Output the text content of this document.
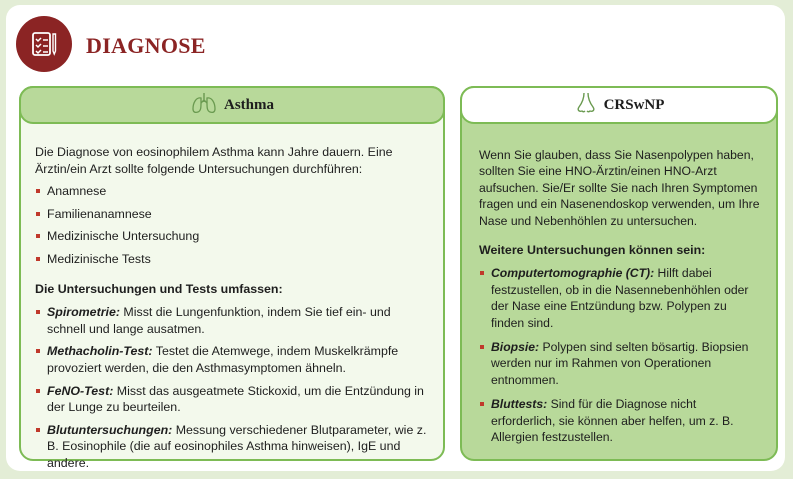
DIAGNOSE
Asthma

Die Diagnose von eosinophilem Asthma kann Jahre dauern. Eine Ärztin/ein Arzt sollte folgende Untersuchungen durchführen:

Anamnese
Familienanamnese
Medizinische Untersuchung
Medizinische Tests
Die Untersuchungen und Tests umfassen:
Spirometrie: Misst die Lungenfunktion, indem Sie tief ein- und schnell und lange ausatmen.
Methacholin-Test: Testet die Atemwege, indem Muskelkrämpfe provoziert werden, die den Asthmasymptomen ähneln.
FeNO-Test: Misst das ausgeatmete Stickoxid, um die Entzündung in der Lunge zu beurteilen.
Blutuntersuchungen: Messung verschiedener Blutparameter, wie z. B. Eosinophile (die auf eosinophiles Asthma hinweisen), IgE und andere.
CRSwNP

Wenn Sie glauben, dass Sie Nasenpolypen haben, sollten Sie eine HNO-Ärztin/einen HNO-Arzt aufsuchen. Sie/Er sollte Sie nach Ihren Symptomen fragen und ein Nasenendoskop verwenden, um Ihre Nase und Nebenhöhlen zu untersuchen.

Weitere Untersuchungen können sein:
Computertomographie (CT): Hilft dabei festzustellen, ob in die Nasennebenhöhlen oder der Nase eine Entzündung bzw. Polypen zu finden sind.
Biopsie: Polypen sind selten bösartig. Biopsien werden nur im Rahmen von Operationen entnommen.
Bluttests: Sind für die Diagnose nicht erforderlich, sie können aber helfen, um z. B. Allergien festzustellen.
